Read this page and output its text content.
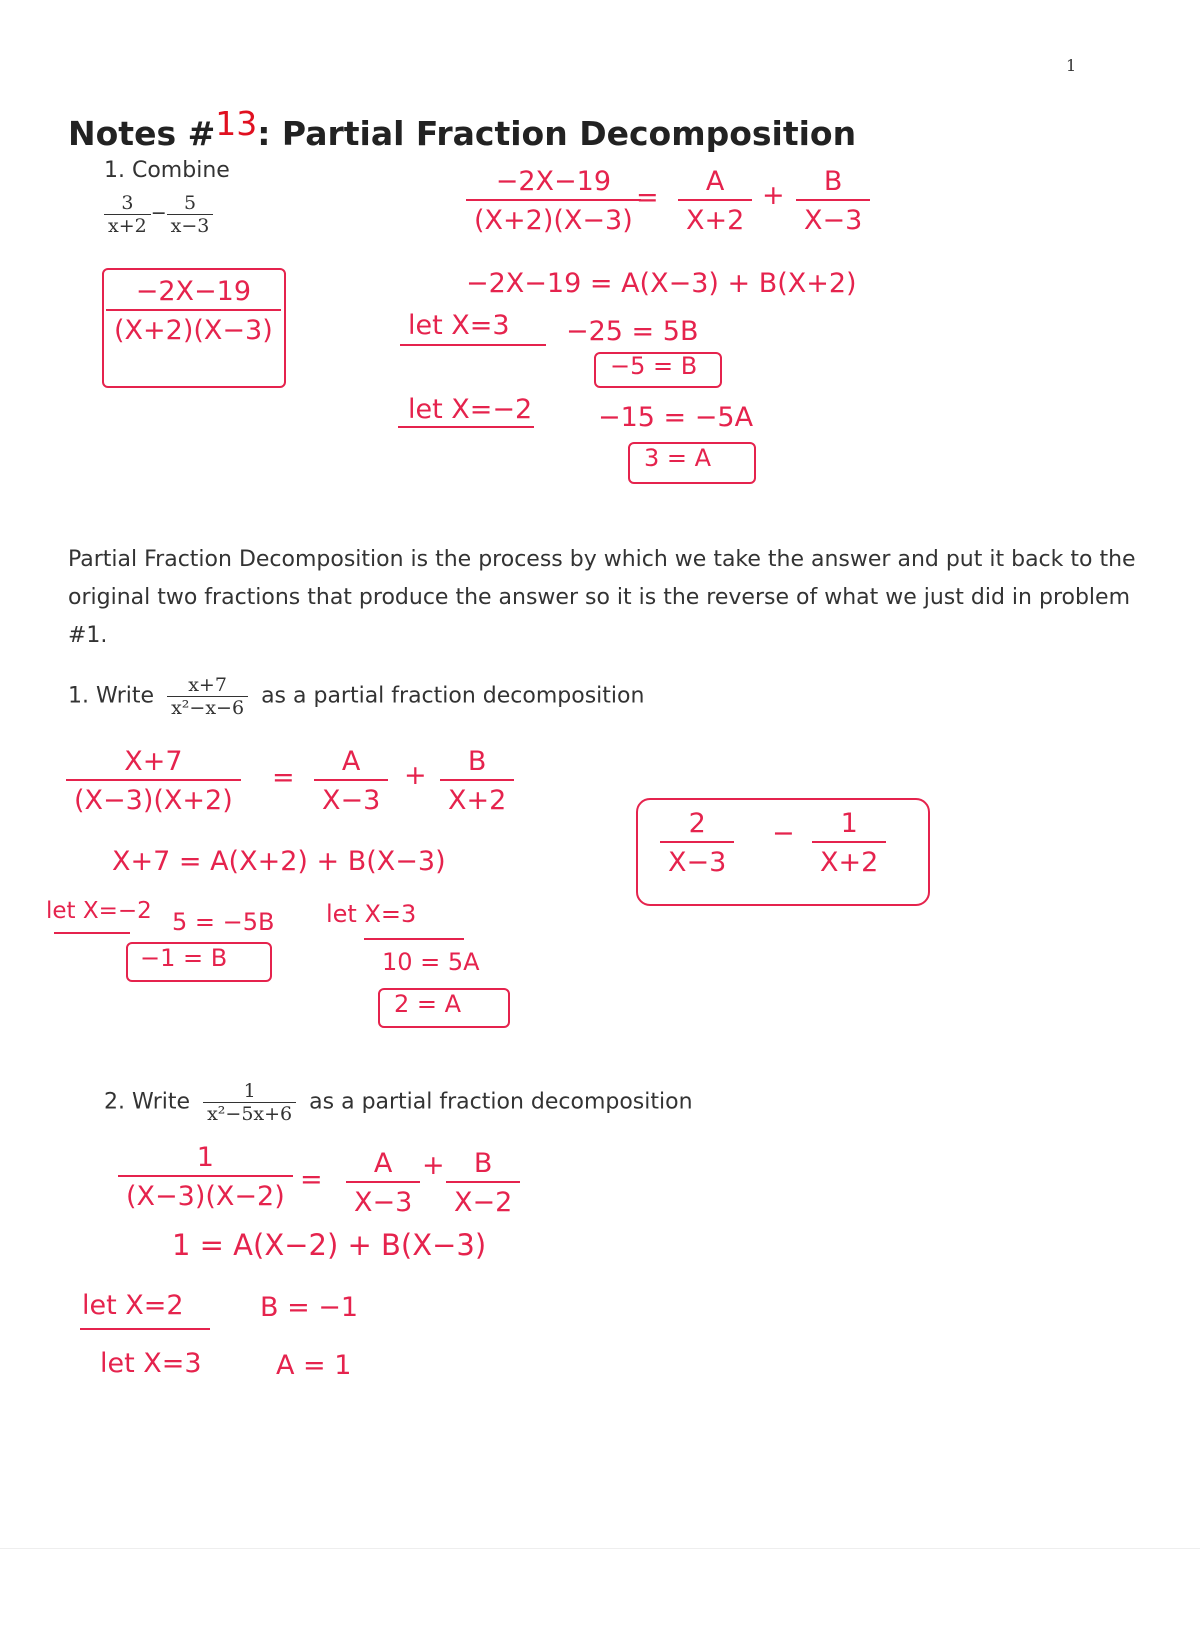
1
Notes #13: Partial Fraction Decomposition
1. Combine
$\frac{3}{x+2} - \frac{5}{x-3}$
−2X−19
(X+2)(X−3)
−2X−19
(X+2)(X−3)
=
A
X+2
+ B
X−3
−2X−19 = A(X−3) + B(X+2)
let X=3 −25 = 5B
−5 = B
let X=−2 −15 = −5A
3 = A
Partial Fraction Decomposition is the process by which we take the answer and put it back to the original two fractions that produce the answer so it is the reverse of what we just did in problem #1.
1. Write $\frac{x+7}{\text{x²−x−6}}$ as a partial fraction decomposition
X+7
(X−3)(X+2)
=
A
X−3
+ B
X+2
X+7 = A(X+2) + B(X−3)
let X=−2 5 = −5B
−1 = B
let X=3
10 = 5A
2 = A
2
X−3
− 1
X+2
2. Write $\frac{1}{\text{x²−5x+6}}$ as a partial fraction decomposition
1
(X−3)(X−2)
=
A
X−3
+ B
X−2
1 = A(X−2) + B(X−3)
let X=2	B = −1
let X=3	A = 1
